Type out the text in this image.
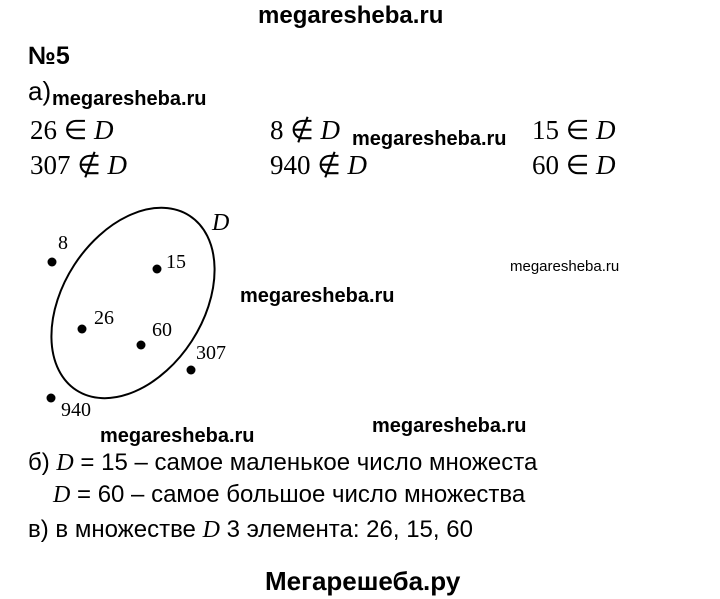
megaresheba.ru
megaresheba.ru
megaresheba.ru
megaresheba.ru
megaresheba.ru
megaresheba.ru	megaresheba.ru
№5
а)
26 ∈ D	8 ∉ D	15 ∈ D
307 ∉ D	940 ∉ D	60 ∈ D
D
8
15
26
60
307
940
б) D = 15 – самое маленькое число множеста
D = 60 – самое большое число множества
в) в множестве D 3 элемента: 26, 15, 60
Мегарешеба.ру
